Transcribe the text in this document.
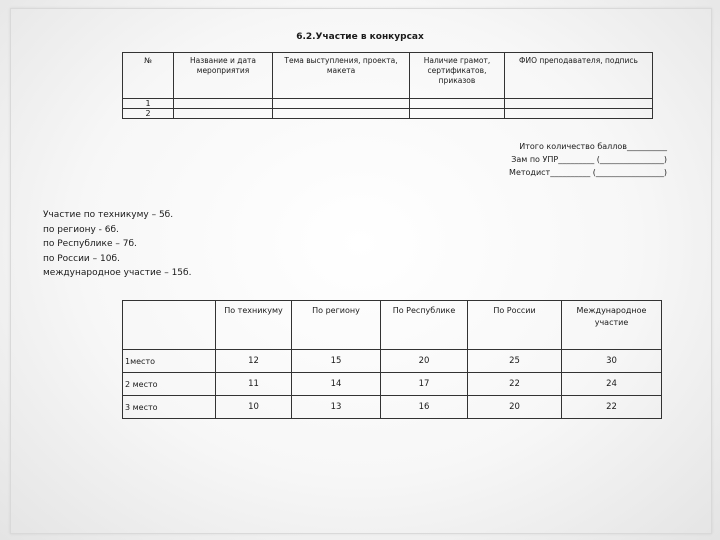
6.2.Участие в конкурсах
№	Название и дата мероприятия	Тема выступления, проекта, макета	Наличие грамот, сертификатов, приказов	ФИО преподавателя, подпись
1				
2				
Итого количество баллов__________
Зам по УПР_________ (________________)
Методист__________ (_________________)
Участие по техникуму – 5б.
по региону - 6б.
по Республике – 7б.
по России – 10б.
международное участие – 15б.
	По техникуму	По региону	По Республике	По России	Международное участие
1место	12	15	20	25	30
2 место	11	14	17	22	24
3 место	10	13	16	20	22
